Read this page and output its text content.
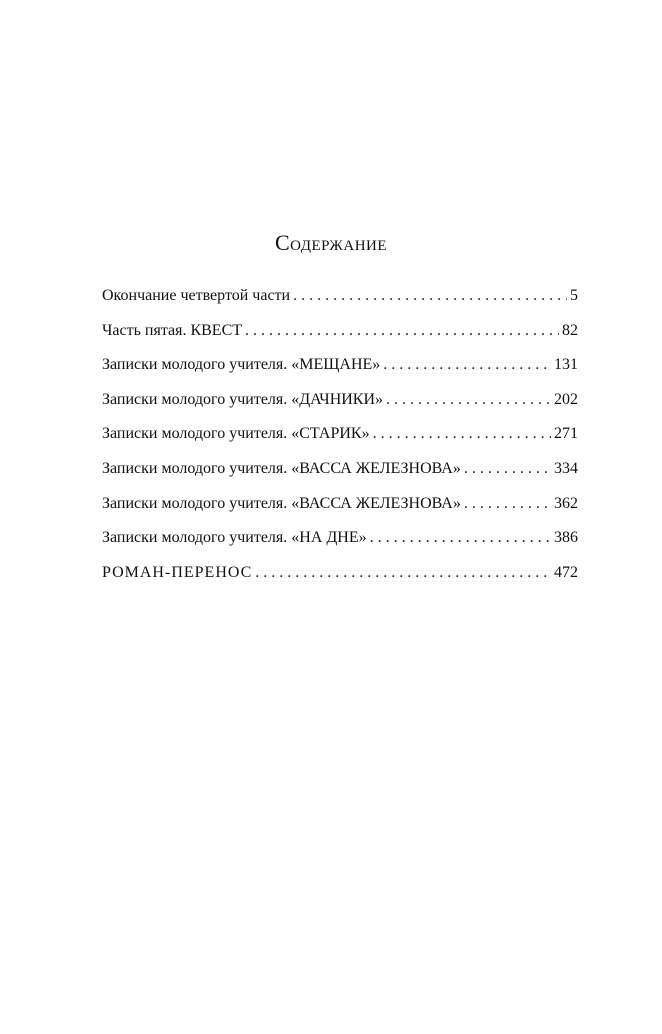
Содержание
Окончание четвертой части . . .	5
Часть пятая. КВЕСТ . . .	82
Записки молодого учителя. «МЕЩАНЕ» . . .	131
Записки молодого учителя. «ДАЧНИКИ» . . .	202
Записки молодого учителя. «СТАРИК» . . .	271
Записки молодого учителя. «ВАССА ЖЕЛЕЗНОВА» . . .	334
Записки молодого учителя. «ВАССА ЖЕЛЕЗНОВА» . . .	362
Записки молодого учителя. «НА ДНЕ» . . .	386
РОМАН-ПЕРЕНОС . . .	472
